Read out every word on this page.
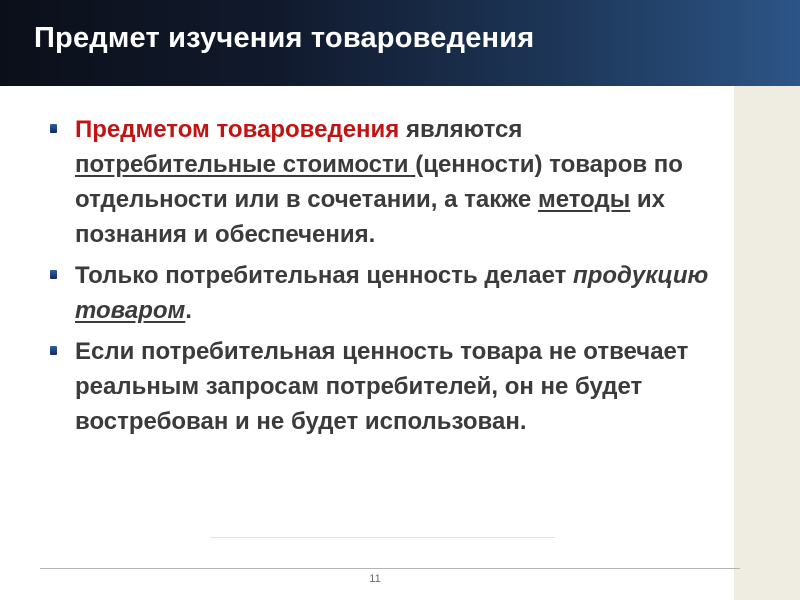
Предмет изучения товароведения
Предметом товароведения являются потребительные стоимости (ценности) товаров по отдельности или в сочетании, а также методы их познания и обеспечения.
Только потребительная ценность делает продукцию товаром.
Если потребительная ценность товара не отвечает реальным запросам потребителей, он не будет востребован и не будет использован.
11
